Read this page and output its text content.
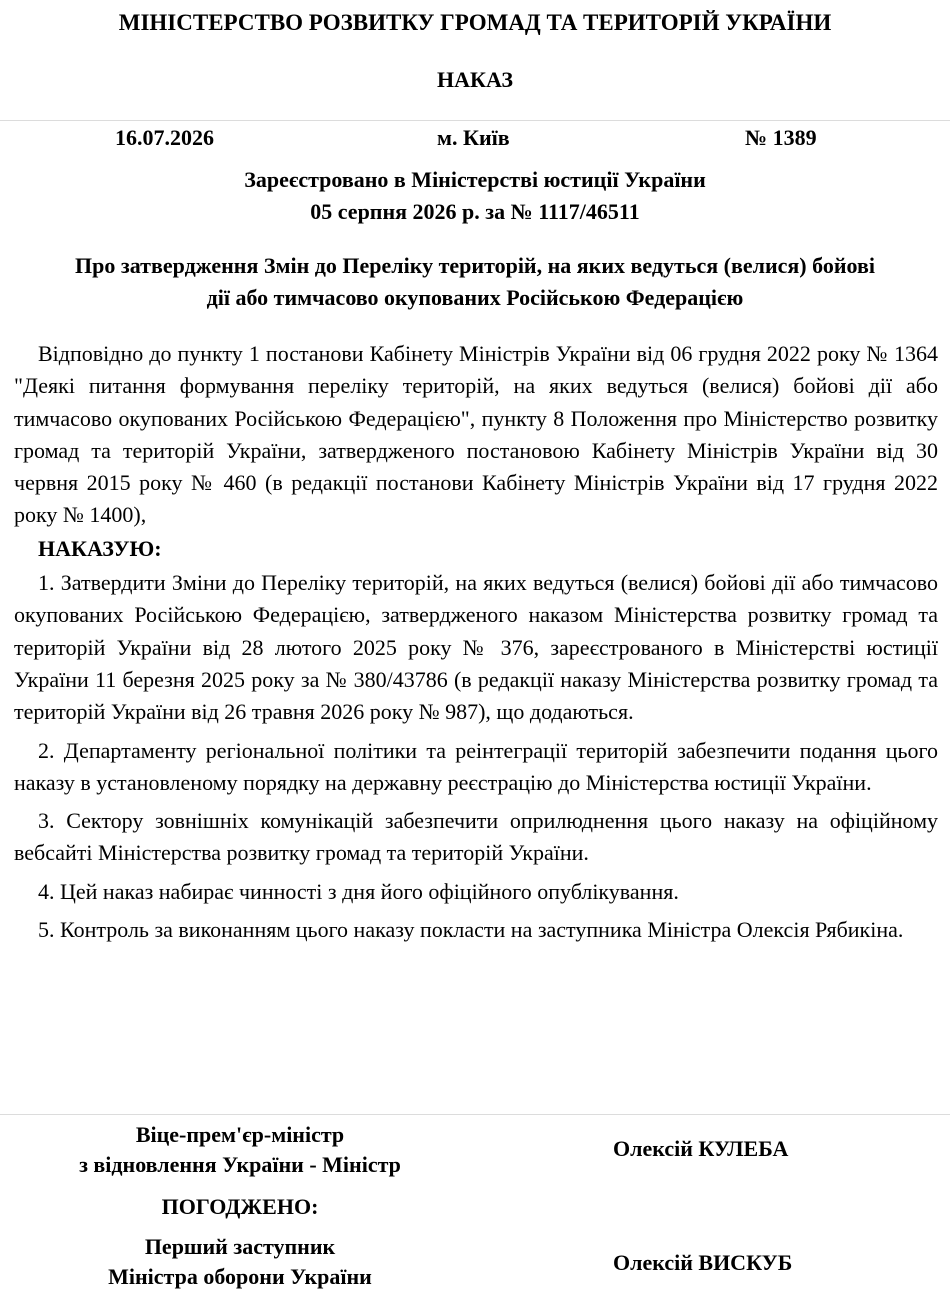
МІНІСТЕРСТВО РОЗВИТКУ ГРОМАД ТА ТЕРИТОРІЙ УКРАЇНИ
НАКАЗ
16.07.2026	м. Київ	№ 1389
Зареєстровано в Міністерстві юстиції України
05 серпня 2026 р. за № 1117/46511
Про затвердження Змін до Переліку територій, на яких ведуться (велися) бойові
дії або тимчасово окупованих Російською Федерацією

Відповідно до пункту 1 постанови Кабінету Міністрів України від 06 грудня 2022 року № 1364 "Деякі питання формування переліку територій, на яких ведуться (велися) бойові дії або тимчасово окупованих Російською Федерацією", пункту 8 Положення про Міністерство розвитку громад та територій України, затвердженого постановою Кабінету Міністрів України від 30 червня 2015 року № 460 (в редакції постанови Кабінету Міністрів України від 17 грудня 2022 року № 1400),

НАКАЗУЮ:

1. Затвердити Зміни до Переліку територій, на яких ведуться (велися) бойові дії або тимчасово окупованих Російською Федерацією, затвердженого наказом Міністерства розвитку громад та територій України від 28 лютого 2025 року № 376, зареєстрованого в Міністерстві юстиції України 11 березня 2025 року за № 380/43786 (в редакції наказу Міністерства розвитку громад та територій України від 26 травня 2026 року № 987), що додаються.

2. Департаменту регіональної політики та реінтеграції територій забезпечити подання цього наказу в установленому порядку на державну реєстрацію до Міністерства юстиції України.

3. Сектору зовнішніх комунікацій забезпечити оприлюднення цього наказу на офіційному вебсайті Міністерства розвитку громад та територій України.

4. Цей наказ набирає чинності з дня його офіційного опублікування.

5. Контроль за виконанням цього наказу покласти на заступника Міністра Олексія Рябикіна.

Віце-прем'єр-міністр
з відновлення України - Міністр
Олексій КУЛЕБА
ПОГОДЖЕНО:
Перший заступник
Міністра оборони України
Олексій ВИСКУБ
